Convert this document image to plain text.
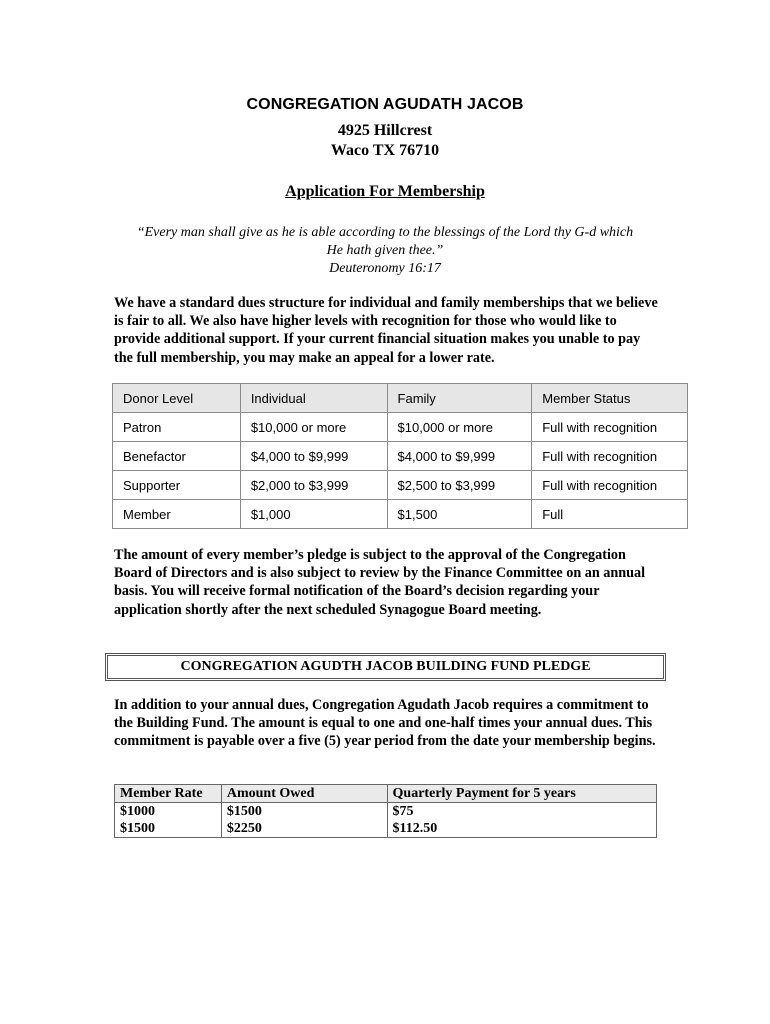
CONGREGATION AGUDATH JACOB
4925 Hillcrest
Waco TX 76710
Application For Membership
“Every man shall give as he is able according to the blessings of the Lord thy G-d which
He hath given thee.”
Deuteronomy 16:17
We have a standard dues structure for individual and family memberships that we believe is fair to all. We also have higher levels with recognition for those who would like to provide additional support. If your current financial situation makes you unable to pay the full membership, you may make an appeal for a lower rate.
Donor Level	Individual	Family	Member Status
Patron	$10,000 or more	$10,000 or more	Full with recognition
Benefactor	$4,000 to $9,999	$4,000 to $9,999	Full with recognition
Supporter	$2,000 to $3,999	$2,500 to $3,999	Full with recognition
Member	$1,000	$1,500	Full
The amount of every member’s pledge is subject to the approval of the Congregation Board of Directors and is also subject to review by the Finance Committee on an annual basis. You will receive formal notification of the Board’s decision regarding your application shortly after the next scheduled Synagogue Board meeting.
CONGREGATION AGUDTH JACOB BUILDING FUND PLEDGE
In addition to your annual dues, Congregation Agudath Jacob requires a commitment to the Building Fund. The amount is equal to one and one-half times your annual dues. This commitment is payable over a five (5) year period from the date your membership begins.
Member Rate	Amount Owed	Quarterly Payment for 5 years
$1000	$1500	$75
$1500	$2250	$112.50
